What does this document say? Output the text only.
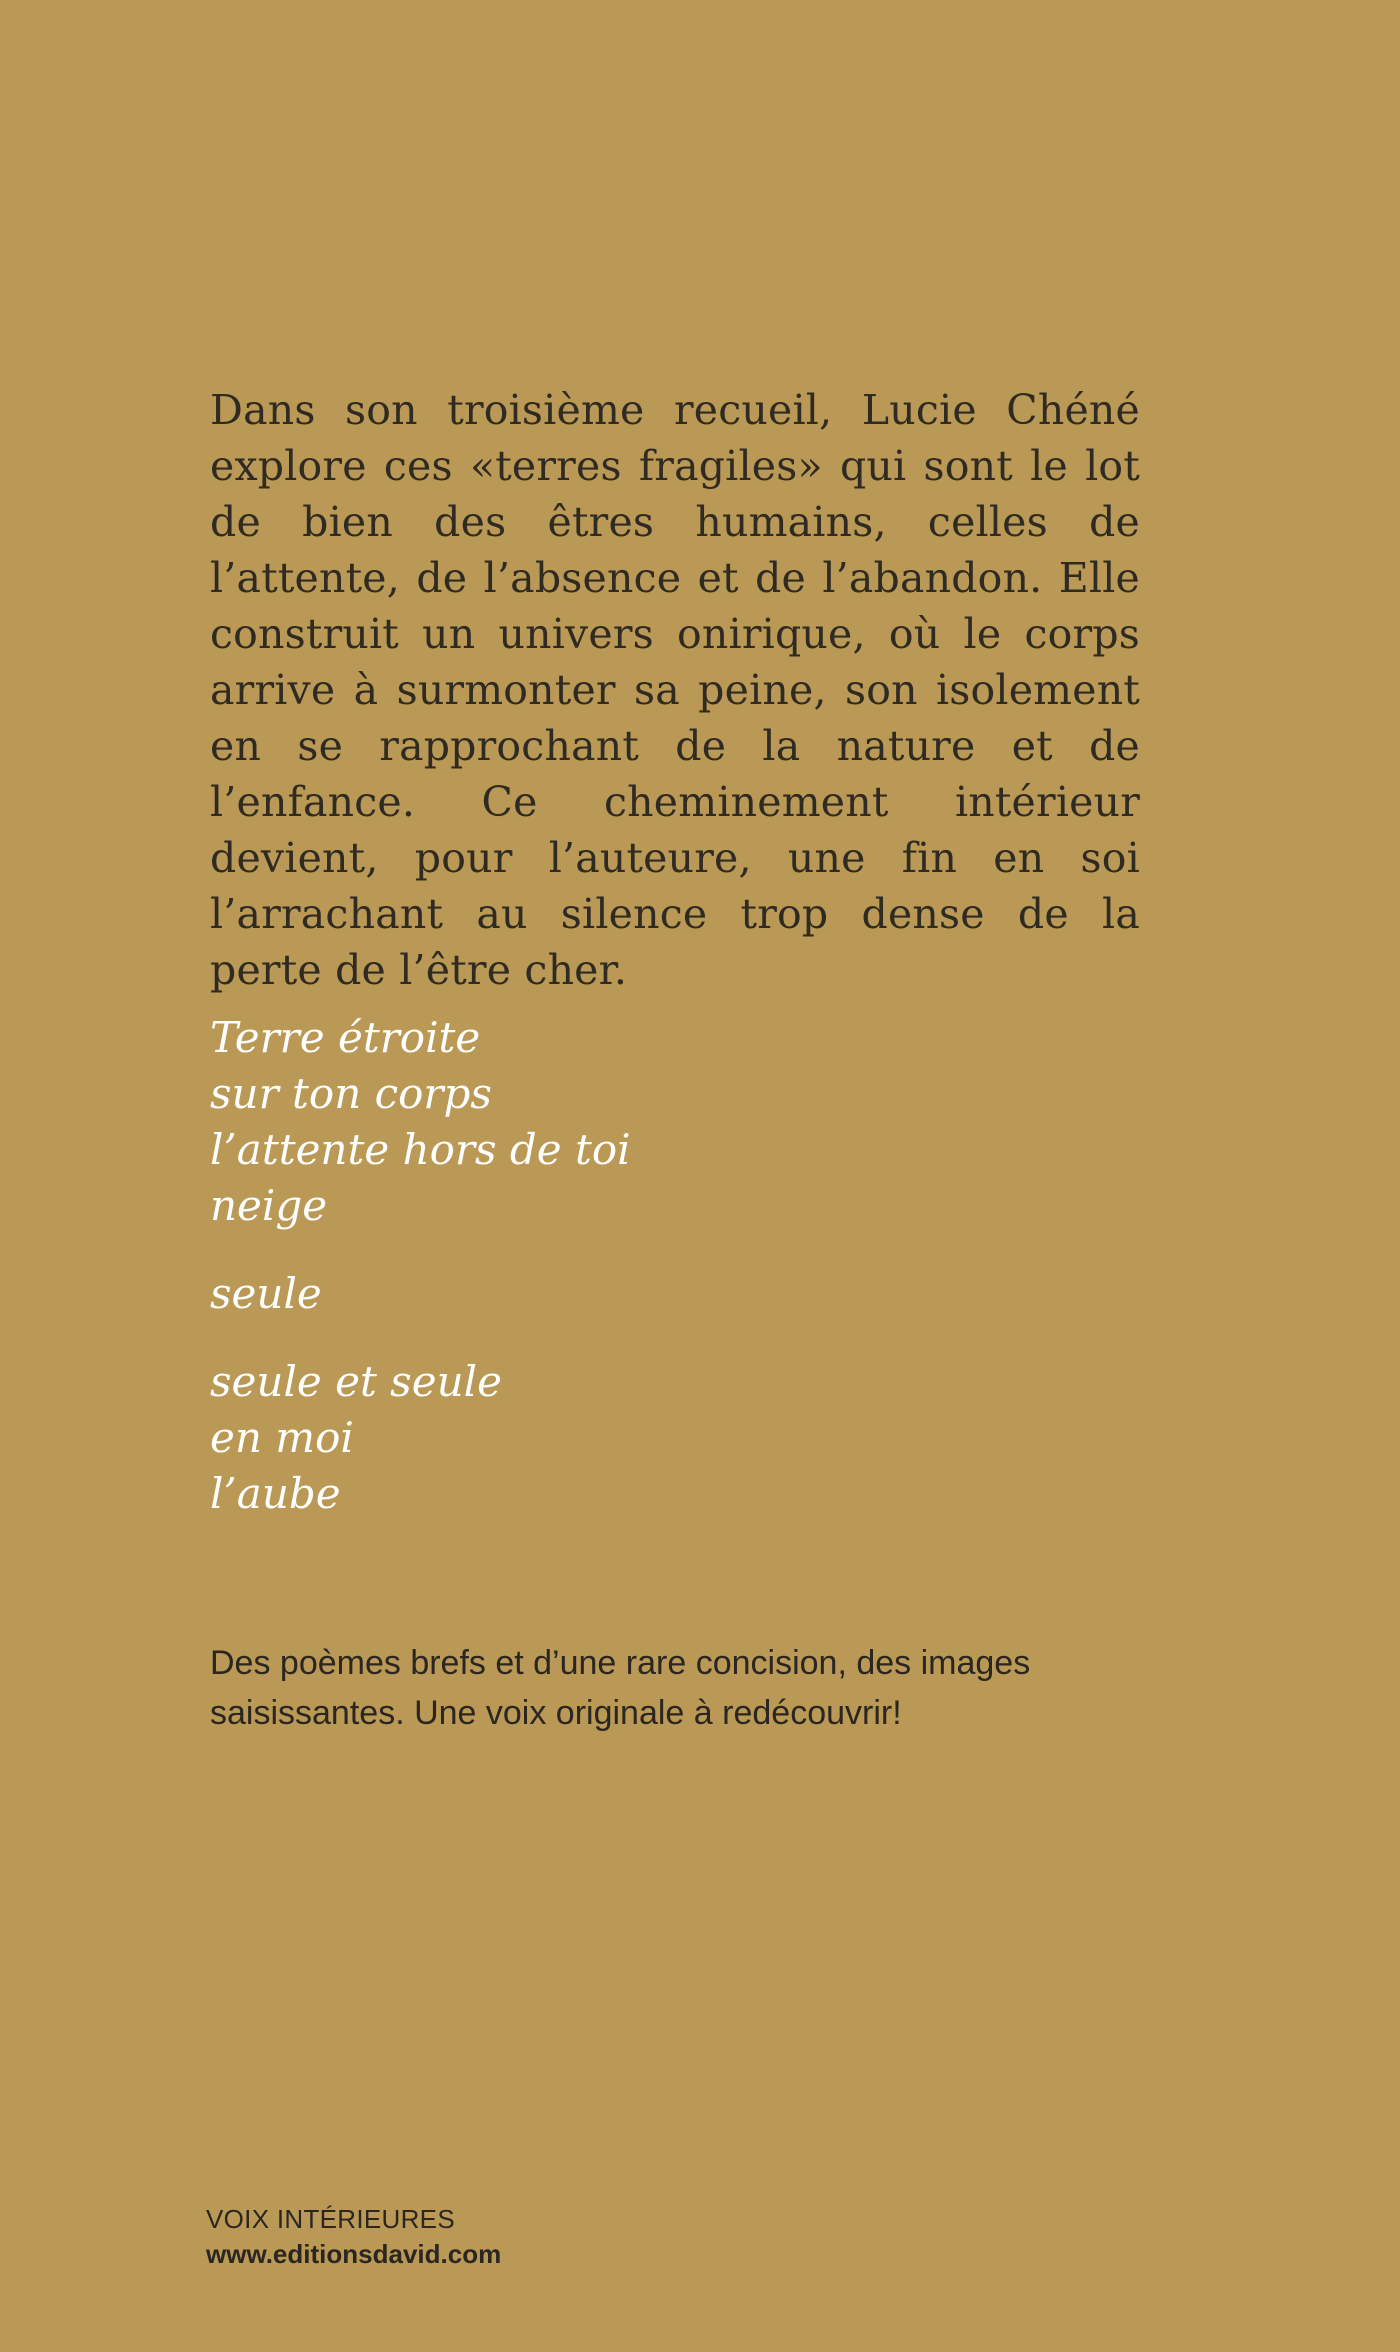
Dans son troisième recueil, Lucie Chéné explore ces «terres fragiles» qui sont le lot de bien des êtres humains, celles de l’attente, de l’absence et de l’abandon. Elle construit un univers onirique, où le corps arrive à surmonter sa peine, son isolement en se rapprochant de la nature et de l’enfance. Ce cheminement intérieur devient, pour l’auteure, une fin en soi l’arrachant au silence trop dense de la perte de l’être cher.

Terre étroite
sur ton corps
l’attente hors de toi
neige
seule
seule et seule
en moi
l’aube

Des poèmes brefs et d’une rare concision, des images saisissantes. Une voix originale à redécouvrir!

VOIX INTÉRIEURES
www.editionsdavid.com
